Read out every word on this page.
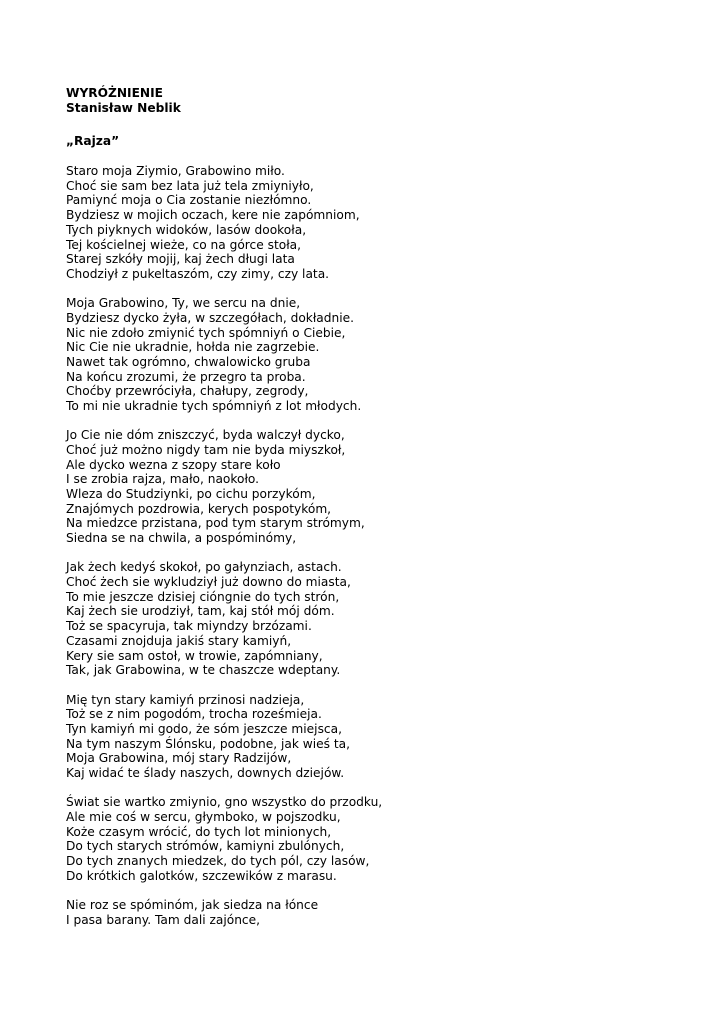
WYRÓŻNIENIE
Stanisław Neblik
„Rajza”
Staro moja Ziymio, Grabowino miło.
Choć sie sam bez lata już tela zmiyniyło,
Pamiynć moja o Cia zostanie niezłómno.
Bydziesz w mojich oczach, kere nie zapómniom,
Tych piyknych widoków, lasów dookoła,
Tej kościelnej wieże, co na górce stoła,
Starej szkóły mojij, kaj żech długi lata
Chodziył z pukeltaszóm, czy zimy, czy lata.
Moja Grabowino, Ty, we sercu na dnie,
Bydziesz dycko żyła, w szczegółach, dokładnie.
Nic nie zdoło zmiynić tych spómniyń o Ciebie,
Nic Cie nie ukradnie, hołda nie zagrzebie.
Nawet tak ogrómno, chwalowicko gruba
Na końcu zrozumi, że przegro ta proba.
Choćby przewróciyła, chałupy, zegrody,
To mi nie ukradnie tych spómniyń z lot młodych.
Jo Cie nie dóm zniszczyć, byda walczył dycko,
Choć już możno nigdy tam nie byda miyszkoł,
Ale dycko wezna z szopy stare koło
I se zrobia rajza, mało, naokoło.
Wleza do Studziynki, po cichu porzykóm,
Znajómych pozdrowia, kerych pospotykóm,
Na miedzce przistana, pod tym starym strómym,
Siedna se na chwila, a pospóminómy,
Jak żech kedyś skokoł, po gałynziach, astach.
Choć żech sie wykludziył już downo do miasta,
To mie jeszcze dzisiej ciόngnie do tych strón,
Kaj żech sie urodziył, tam, kaj stół mój dóm.
Toż se spacyruja, tak miyndzy brzózami.
Czasami znojduja jakiś stary kamiyń,
Kery sie sam ostoł, w trowie, zapómniany,
Tak, jak Grabowina, w te chaszcze wdeptany.
Mię tyn stary kamiyń przinosi nadzieja,
Toż se z nim pogodóm, trocha roześmieja.
Tyn kamiyń mi godo, że sóm jeszcze miejsca,
Na tym naszym Ślónsku, podobne, jak wieś ta,
Moja Grabowina, mój stary Radzijów,
Kaj widać te ślady naszych, downych dziejów.
Świat sie wartko zmiynio, gno wszystko do przodku,
Ale mie coś w sercu, głymboko, w pojszodku,
Koże czasym wrócić, do tych lot minionych,
Do tych starych strómów, kamiyni zbulónych,
Do tych znanych miedzek, do tych pól, czy lasów,
Do krótkich galotków, szczewików z marasu.
Nie roz se spóminóm, jak siedza na łónce
I pasa barany. Tam dali zajónce,
